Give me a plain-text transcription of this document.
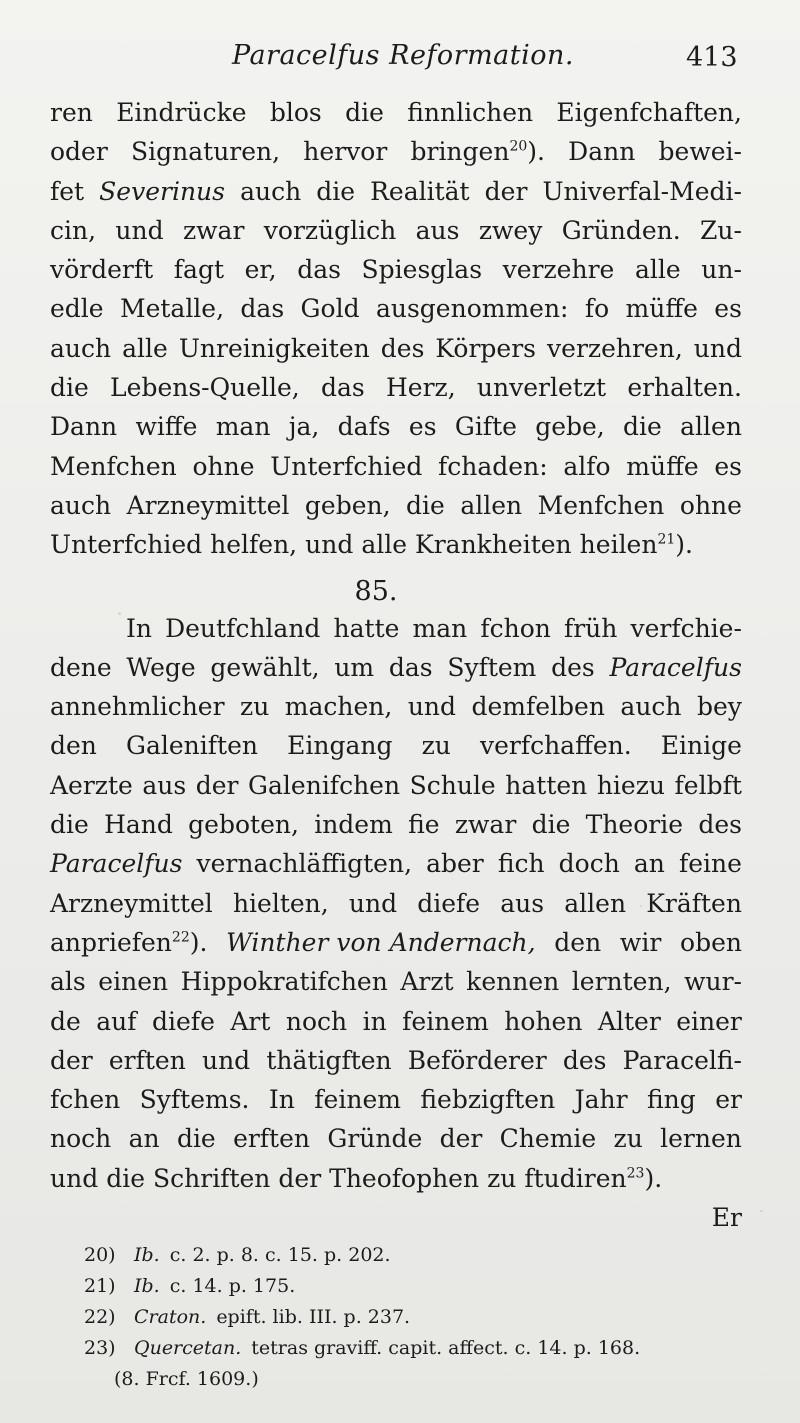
Paracelfus Reformation.	413
ren Eindrücke blos die finnlichen Eigenfchaften,
oder Signaturen, hervor bringen$^{20}$). Dann bewei-
fet Severinus auch die Realität der Univerfal-Medi-
cin, und zwar vorzüglich aus zwey Gründen. Zu-
vörderft fagt er, das Spiesglas verzehre alle un-
edle Metalle, das Gold ausgenommen: fo müffe es
auch alle Unreinigkeiten des Körpers verzehren, und
die Lebens-Quelle, das Herz, unverletzt erhalten.
Dann wiffe man ja, dafs es Gifte gebe, die allen
Menfchen ohne Unterfchied fchaden: alfo müffe es
auch Arzneymittel geben, die allen Menfchen ohne
Unterfchied helfen, und alle Krankheiten heilen$^{21}$).
85.
In Deutfchland hatte man fchon früh verfchie-
dene Wege gewählt, um das Syftem des Paracelfus
annehmlicher zu machen, und demfelben auch bey
den Galeniften Eingang zu verfchaffen. Einige
Aerzte aus der Galenifchen Schule hatten hiezu felbft
die Hand geboten, indem fie zwar die Theorie des
Paracelfus vernachläffigten, aber fich doch an feine
Arzneymittel hielten, und diefe aus allen Kräften
anpriefen$^{22}$). Winther von Andernach, den wir oben
als einen Hippokratifchen Arzt kennen lernten, wur-
de auf diefe Art noch in feinem hohen Alter einer
der erften und thätigften Beförderer des Paracelfi-
fchen Syftems. In feinem fiebzigften Jahr fing er
noch an die erften Gründe der Chemie zu lernen
und die Schriften der Theofophen zu ftudiren$^{23}$).
Er
20) Ib. c. 2. p. 8. c. 15. p. 202.
21) Ib. c. 14. p. 175.
22) Craton. epift. lib. III. p. 237.
23) Quercetan. tetras graviff. capit. affect. c. 14. p. 168.
(8. Frcf. 1609.)
